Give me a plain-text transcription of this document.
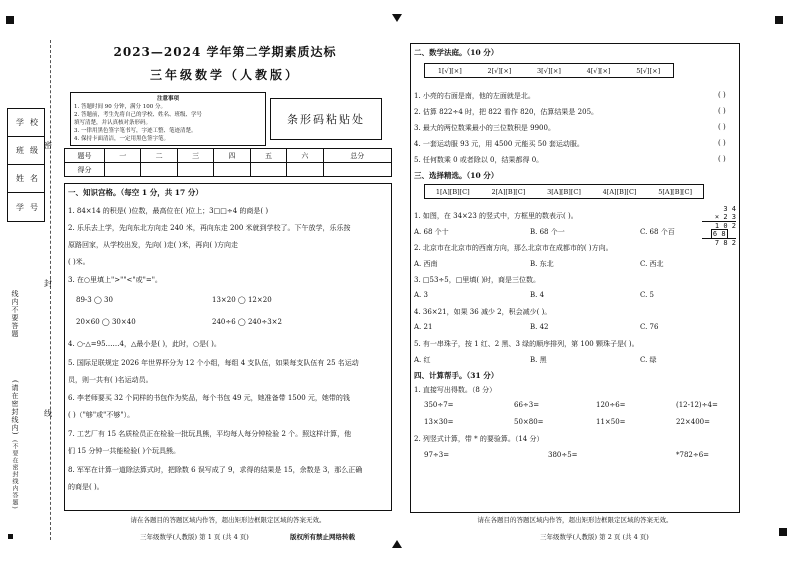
学校
班级
姓名
学号
密
封
线
线内不要答题
(请在密封线内)
(不要在密封线内答题)
2023—2024 学年第二学期素质达标
三年级数学（人教版）
注意事项
1. 答题时间 90 分钟，满分 100 分。
2. 答题前，考生先将自己的学校、姓名、班级、学号
填写清楚，并认真核对条形码。
3. 一律用黑色签字笔书写，字迹工整、笔迹清楚。
4. 保持卡面清洁，一定用黑色签字笔。
条形码粘贴处
题号	一	二	三	四	五	六	总分
得分							
一、知识宫格。（每空 1 分，共 17 分）
1. 84×14 的积是( )位数，最高位在( )位上；3□□÷4 的商是( )
2. 乐乐去上学，先向东北方向走 240 米，再向东走 200 米就到学校了。下午放学，乐乐按
原路回家，从学校出发，先向( )走( )米，再向( )方向走
( )米。
3. 在○里填上">""<"或"="。
89-3 ◯ 30	13×20 ◯ 12×20
20×60 ◯ 30×40	240÷6 ◯ 240÷3×2
4. ○-△=95……4，△最小是( )，此时，○是( )。
5. 国际足联规定 2026 年世界杯分为 12 个小组，每组 4 支队伍，如果每支队伍有 25 名运动
员，则一共有( )名运动员。
6. 李老师要买 32 个同样的书包作为奖品，每个书包 49 元，她准备带 1500 元，她带的钱
( )（"够"或"不够"）。
7. 工艺厂有 15 名质检员正在检验一批玩具熊，平均每人每分钟检验 2 个。照这样计算，他
们 15 分钟一共能检验( )个玩具熊。
8. 军军在计算一道除法算式时，把除数 6 误写成了 9，求得的结果是 15，余数是 3，那么正确
的商是( )。
请在各题目的答题区域内作答，超出矩形边框限定区域的答案无效。
三年级数学(人教版) 第 1 页 (共 4 页)	版权所有禁止网络转载
二、数学法庭。（10 分）
1[√][×]	2[√][×]	3[√][×]	4[√][×]	5[√][×]
1. 小亮的右面是南，他的左面就是北。	( )
2. 估算 822÷4 时，把 822 看作 820，估算结果是 205。	( )
3. 最大的两位数乘最小的三位数积是 9900。	( )
4. 一套运动服 93 元，用 4500 元能买 50 套运动服。	( )
5. 任何数乘 0 或者除以 0，结果都得 0。	( )
三、选择精选。（10 分）
1[A][B][C]	2[A][B][C]	3[A][B][C]	4[A][B][C]	5[A][B][C]
3 4
× 2 3
1 0 2
6 8
7 8 2
1. 如图，在 34×23 的竖式中，方框里的数表示( )。
A. 68 个十	B. 68 个一	C. 68 个百
2. 北京市在北京市的西南方向，那么北京市在成都市的( )方向。
A. 西南	B. 东北	C. 西北
3. □53÷5，□里填( )时，商是三位数。
A. 3	B. 4	C. 5
4. 36×21，如果 36 减少 2，积会减少( )。
A. 21	B. 42	C. 76
5. 有一串珠子，按 1 红、2 黑、3 绿的顺序排列，第 100 颗珠子是( )。
A. 红	B. 黑	C. 绿
四、计算帮手。（31 分）
1. 直接写出得数。（8 分）
350÷7=	66÷3=	120÷6=	(12-12)÷4=
13×30=	50×80=	11×50=	22×400=
2. 列竖式计算，带 * 的要验算。（14 分）
97÷3=	380÷5=	*782÷6=
请在各题目的答题区域内作答，超出矩形边框限定区域的答案无效。
三年级数学(人教版) 第 2 页 (共 4 页)
